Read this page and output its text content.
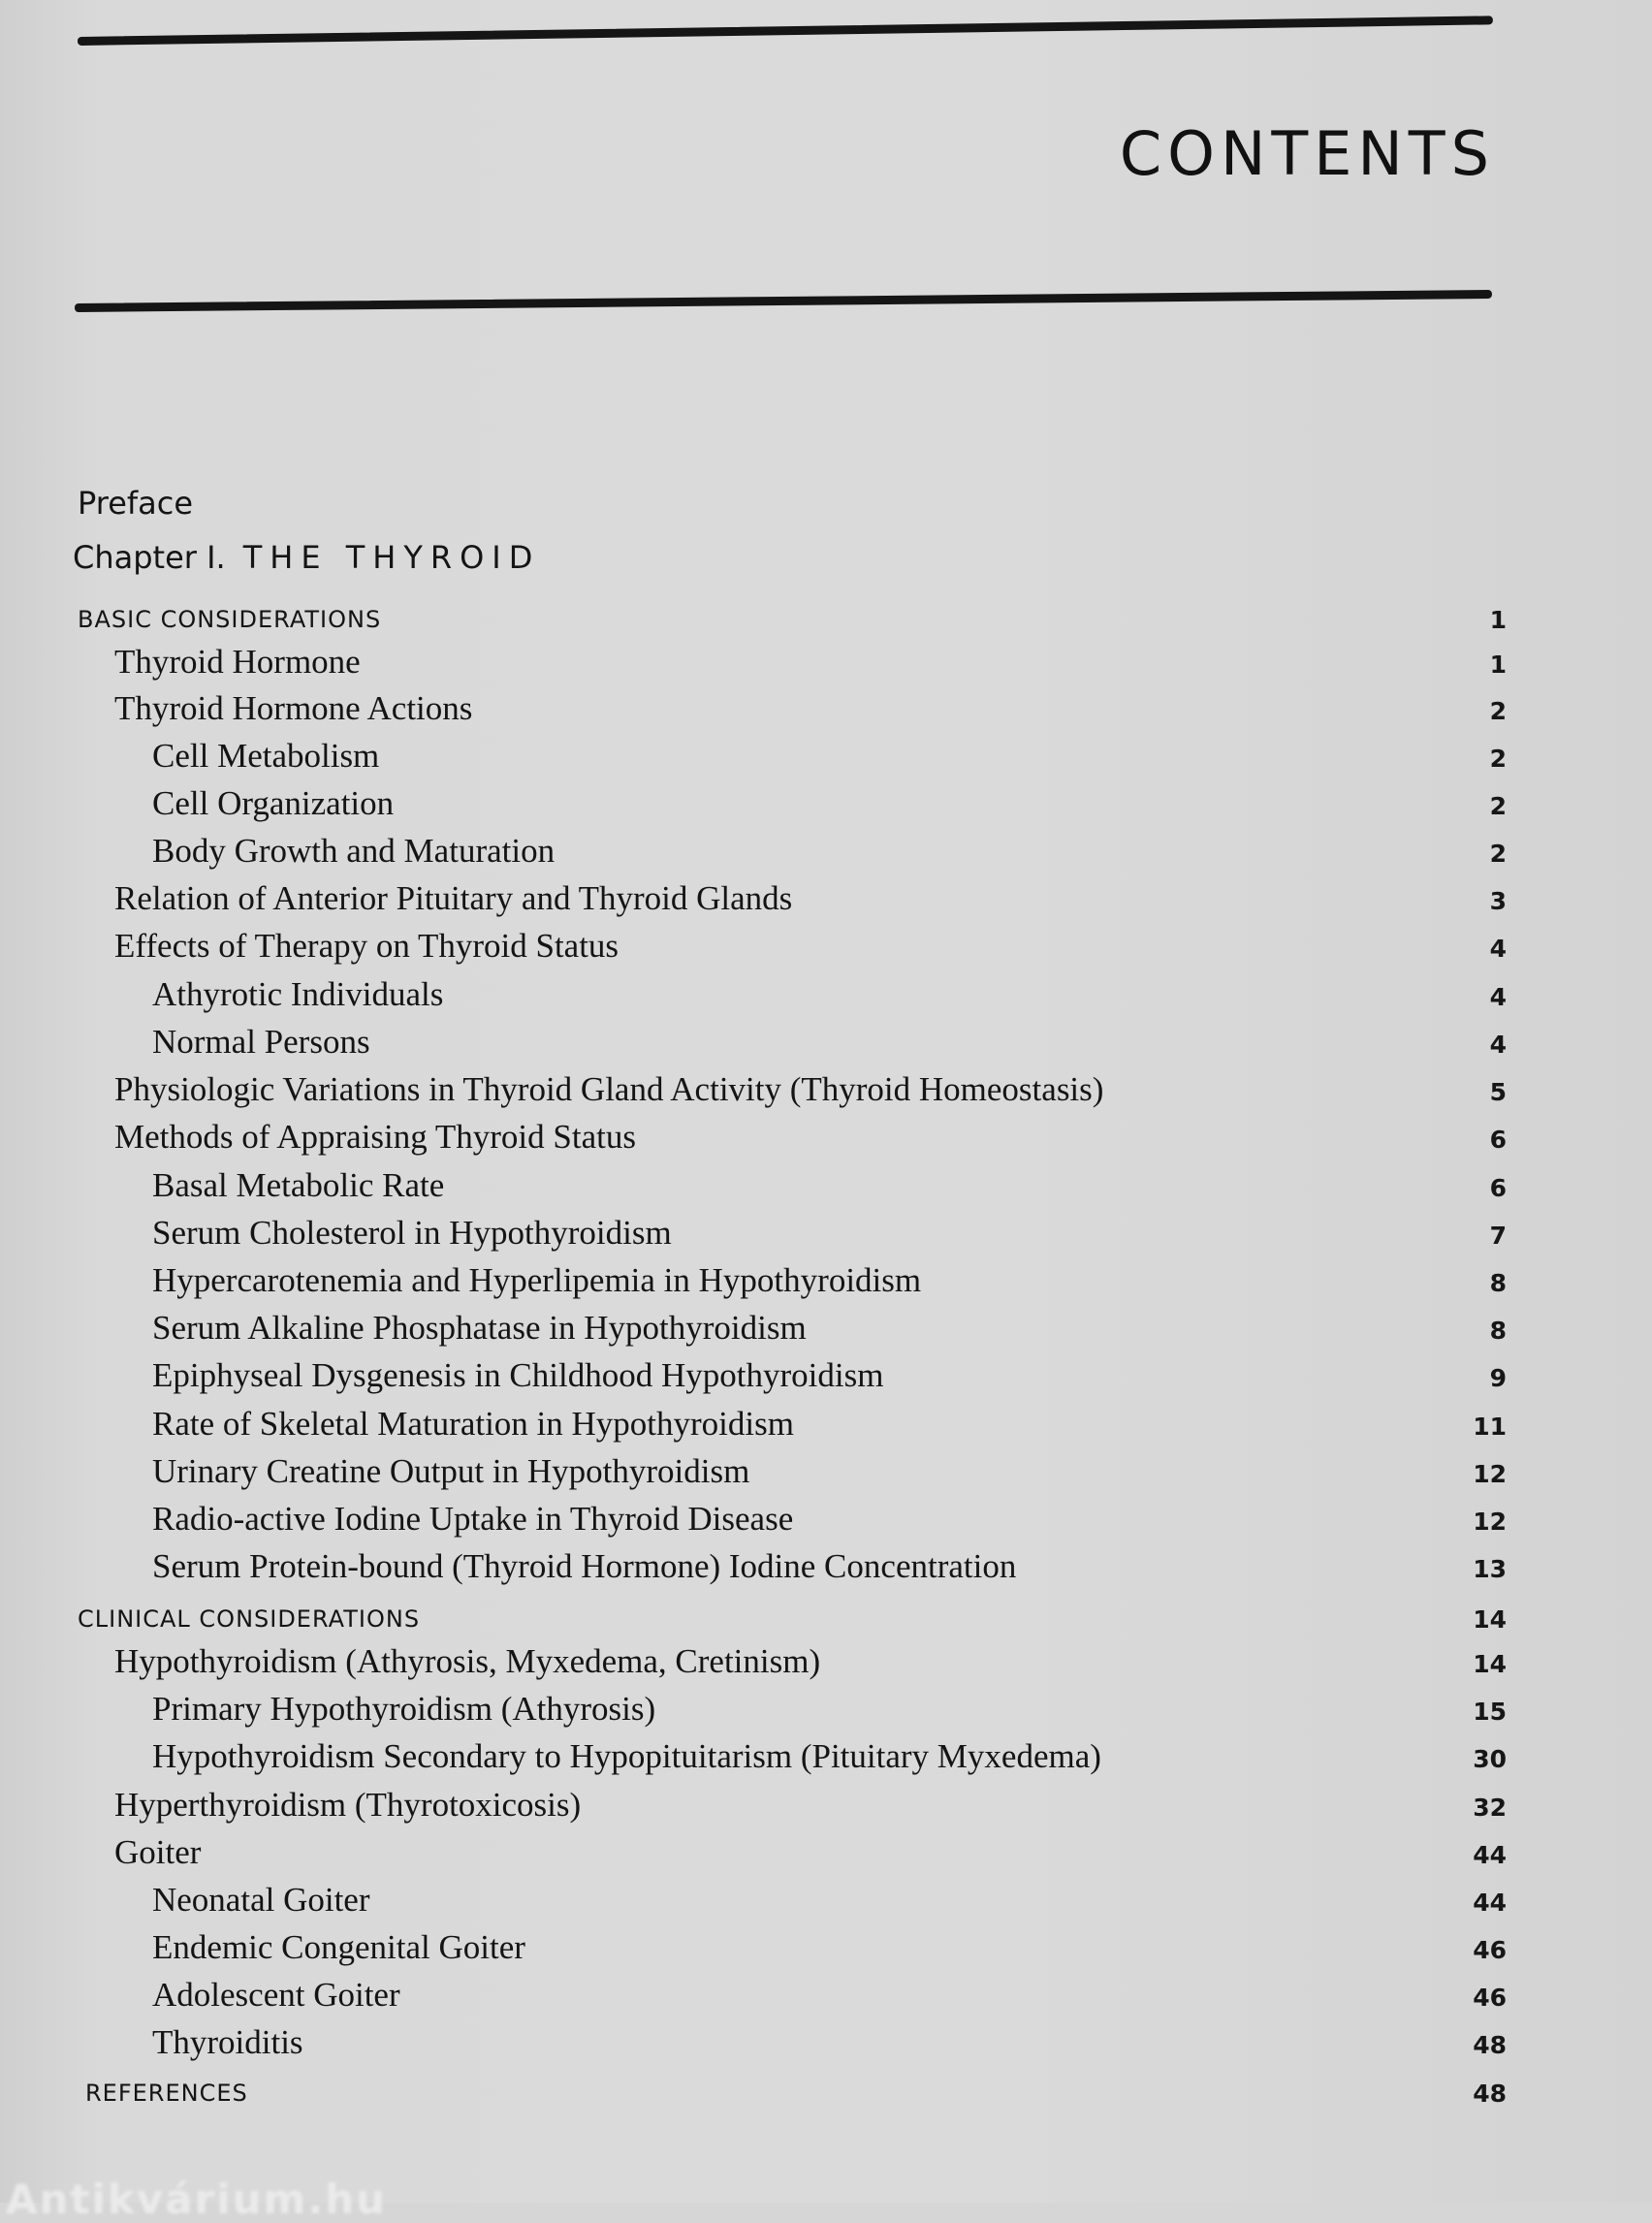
CONTENTS
Preface
Chapter I. THE THYROID
BASIC CONSIDERATIONS	1
Thyroid Hormone	1
Thyroid Hormone Actions	2
Cell Metabolism	2
Cell Organization	2
Body Growth and Maturation	2
Relation of Anterior Pituitary and Thyroid Glands	3
Effects of Therapy on Thyroid Status	4
Athyrotic Individuals	4
Normal Persons	4
Physiologic Variations in Thyroid Gland Activity (Thyroid Homeostasis)	5
Methods of Appraising Thyroid Status	6
Basal Metabolic Rate	6
Serum Cholesterol in Hypothyroidism	7
Hypercarotenemia and Hyperlipemia in Hypothyroidism	8
Serum Alkaline Phosphatase in Hypothyroidism	8
Epiphyseal Dysgenesis in Childhood Hypothyroidism	9
Rate of Skeletal Maturation in Hypothyroidism	11
Urinary Creatine Output in Hypothyroidism	12
Radio-active Iodine Uptake in Thyroid Disease	12
Serum Protein-bound (Thyroid Hormone) Iodine Concentration	13
CLINICAL CONSIDERATIONS	14
Hypothyroidism (Athyrosis, Myxedema, Cretinism)	14
Primary Hypothyroidism (Athyrosis)	15
Hypothyroidism Secondary to Hypopituitarism (Pituitary Myxedema)	30
Hyperthyroidism (Thyrotoxicosis)	32
Goiter	44
Neonatal Goiter	44
Endemic Congenital Goiter	46
Adolescent Goiter	46
Thyroiditis	48
REFERENCES	48
Antikvárium.hu
